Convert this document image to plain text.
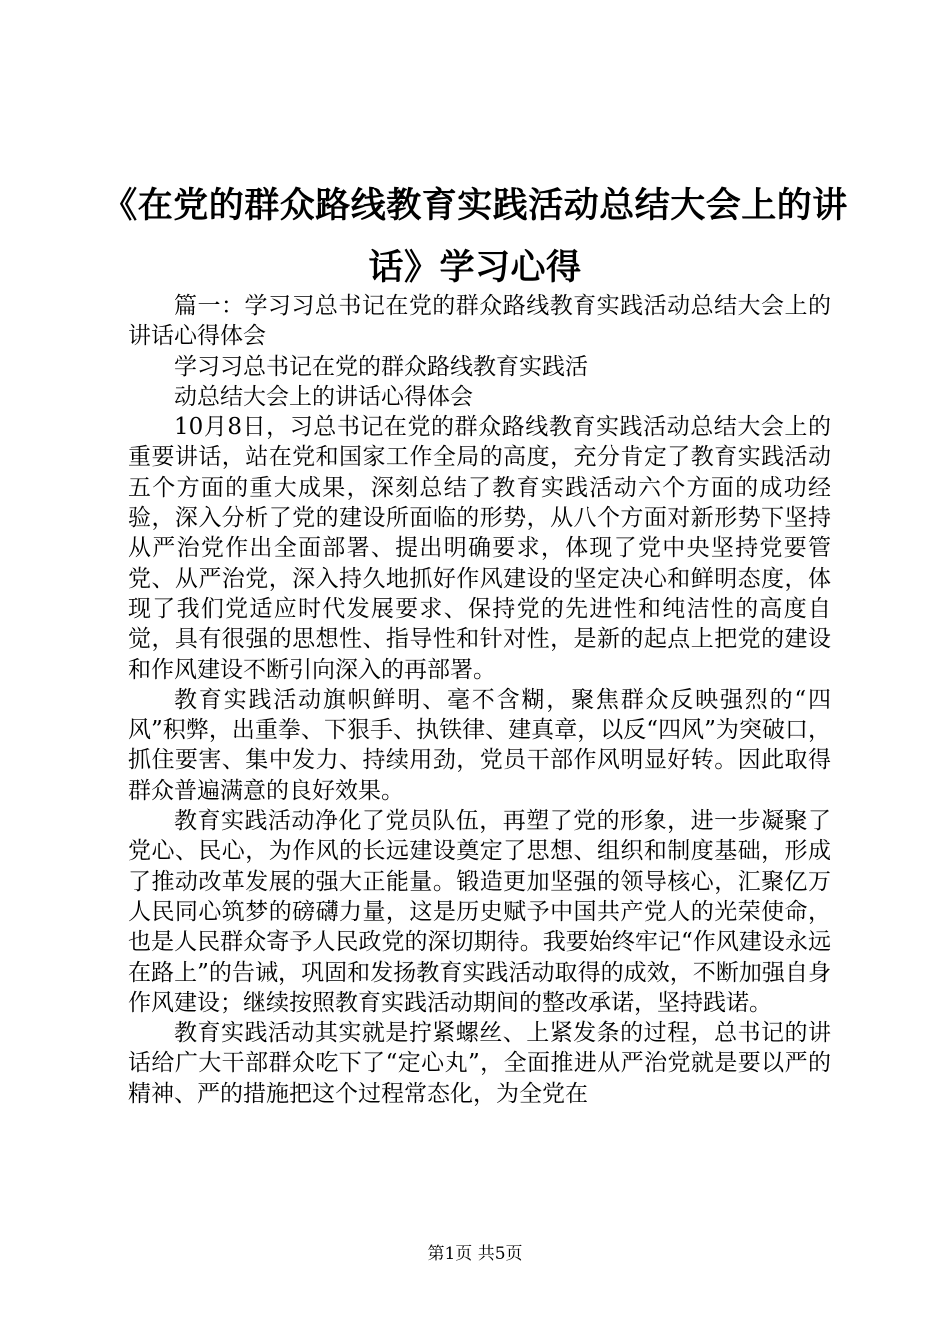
《在党的群众路线教育实践活动总结大会上的讲话》学习心得

篇一：学习习总书记在党的群众路线教育实践活动总结大会上的讲话心得体会

学习习总书记在党的群众路线教育实践活

动总结大会上的讲话心得体会

10月8日，习总书记在党的群众路线教育实践活动总结大会上的重要讲话，站在党和国家工作全局的高度，充分肯定了教育实践活动五个方面的重大成果，深刻总结了教育实践活动六个方面的成功经验，深入分析了党的建设所面临的形势，从八个方面对新形势下坚持从严治党作出全面部署、提出明确要求，体现了党中央坚持党要管党、从严治党，深入持久地抓好作风建设的坚定决心和鲜明态度，体现了我们党适应时代发展要求、保持党的先进性和纯洁性的高度自觉，具有很强的思想性、指导性和针对性，是新的起点上把党的建设和作风建设不断引向深入的再部署。

教育实践活动旗帜鲜明、毫不含糊，聚焦群众反映强烈的“四风”积弊，出重拳、下狠手、执铁律、建真章，以反“四风”为突破口，抓住要害、集中发力、持续用劲，党员干部作风明显好转。因此取得群众普遍满意的良好效果。

教育实践活动净化了党员队伍，再塑了党的形象，进一步凝聚了党心、民心，为作风的长远建设奠定了思想、组织和制度基础，形成了推动改革发展的强大正能量。锻造更加坚强的领导核心，汇聚亿万人民同心筑梦的磅礴力量，这是历史赋予中国共产党人的光荣使命，也是人民群众寄予人民政党的深切期待。我要始终牢记“作风建设永远在路上”的告诫，巩固和发扬教育实践活动取得的成效，不断加强自身作风建设；继续按照教育实践活动期间的整改承诺，坚持践诺。

教育实践活动其实就是拧紧螺丝、上紧发条的过程，总书记的讲话给广大干部群众吃下了“定心丸”，全面推进从严治党就是要以严的精神、严的措施把这个过程常态化，为全党在

第1页 共5页
